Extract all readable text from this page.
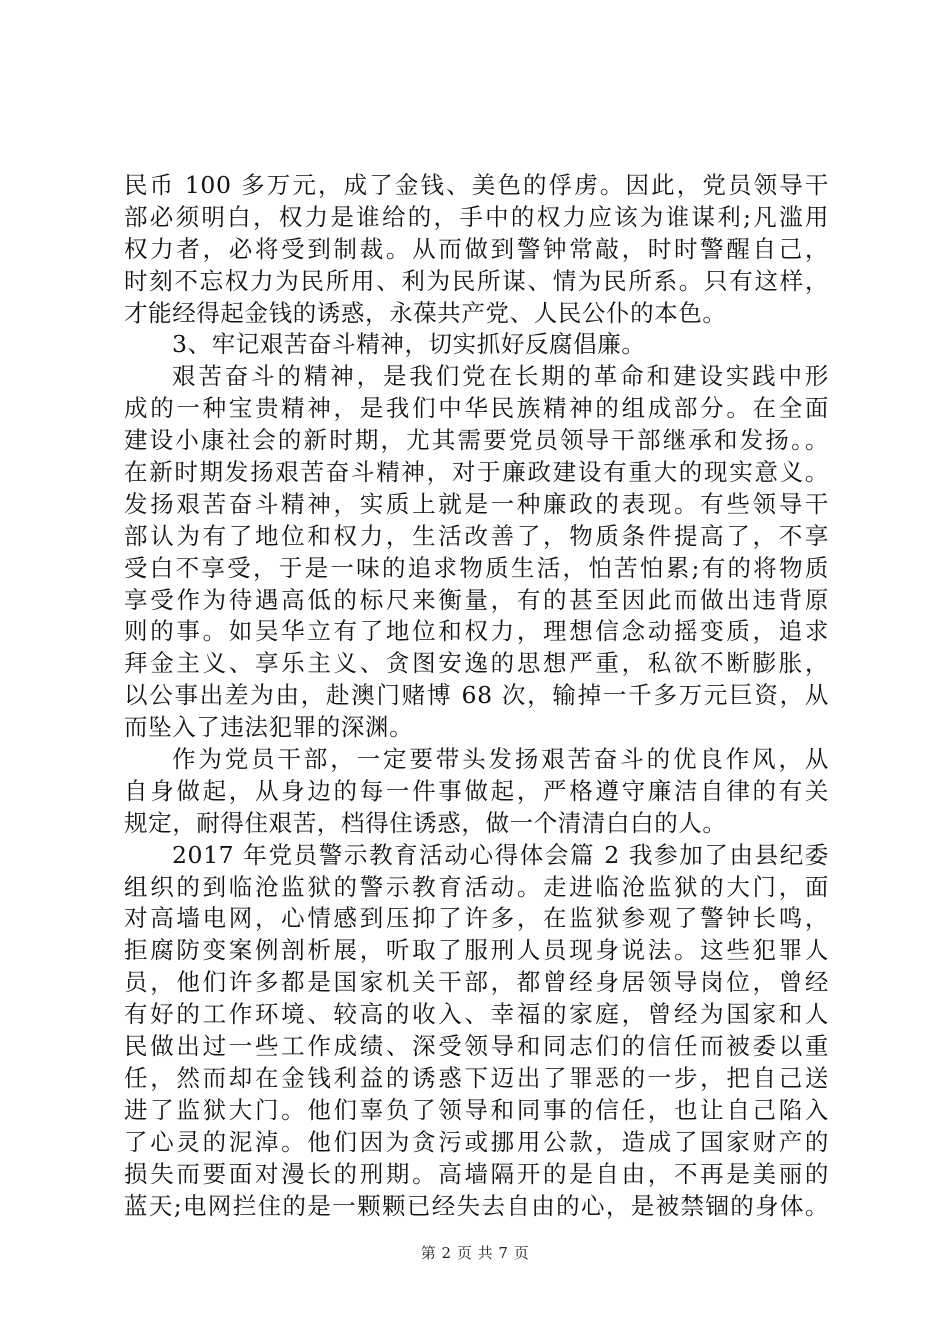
民币 100 多万元，成了金钱、美色的俘虏。因此，党员领导干
部必须明白，权力是谁给的，手中的权力应该为谁谋利;凡滥用
权力者，必将受到制裁。从而做到警钟常敲，时时警醒自己，
时刻不忘权力为民所用、利为民所谋、情为民所系。只有这样，
才能经得起金钱的诱惑，永葆共产党、人民公仆的本色。
3、牢记艰苦奋斗精神，切实抓好反腐倡廉。
艰苦奋斗的精神，是我们党在长期的革命和建设实践中形
成的一种宝贵精神，是我们中华民族精神的组成部分。在全面
建设小康社会的新时期，尤其需要党员领导干部继承和发扬。。
在新时期发扬艰苦奋斗精神，对于廉政建设有重大的现实意义。
发扬艰苦奋斗精神，实质上就是一种廉政的表现。有些领导干
部认为有了地位和权力，生活改善了，物质条件提高了，不享
受白不享受，于是一味的追求物质生活，怕苦怕累;有的将物质
享受作为待遇高低的标尺来衡量，有的甚至因此而做出违背原
则的事。如吴华立有了地位和权力，理想信念动摇变质，追求
拜金主义、享乐主义、贪图安逸的思想严重，私欲不断膨胀，
以公事出差为由，赴澳门赌博 68 次，输掉一千多万元巨资，从
而坠入了违法犯罪的深渊。
作为党员干部，一定要带头发扬艰苦奋斗的优良作风，从
自身做起，从身边的每一件事做起，严格遵守廉洁自律的有关
规定，耐得住艰苦，档得住诱惑，做一个清清白白的人。
2017 年党员警示教育活动心得体会篇 2 我参加了由县纪委
组织的到临沧监狱的警示教育活动。走进临沧监狱的大门，面
对高墙电网，心情感到压抑了许多，在监狱参观了警钟长鸣，
拒腐防变案例剖析展，听取了服刑人员现身说法。这些犯罪人
员，他们许多都是国家机关干部，都曾经身居领导岗位，曾经
有好的工作环境、较高的收入、幸福的家庭，曾经为国家和人
民做出过一些工作成绩、深受领导和同志们的信任而被委以重
任，然而却在金钱利益的诱惑下迈出了罪恶的一步，把自己送
进了监狱大门。他们辜负了领导和同事的信任，也让自己陷入
了心灵的泥淖。他们因为贪污或挪用公款，造成了国家财产的
损失而要面对漫长的刑期。高墙隔开的是自由，不再是美丽的
蓝天;电网拦住的是一颗颗已经失去自由的心，是被禁锢的身体。
第 2 页 共 7 页
